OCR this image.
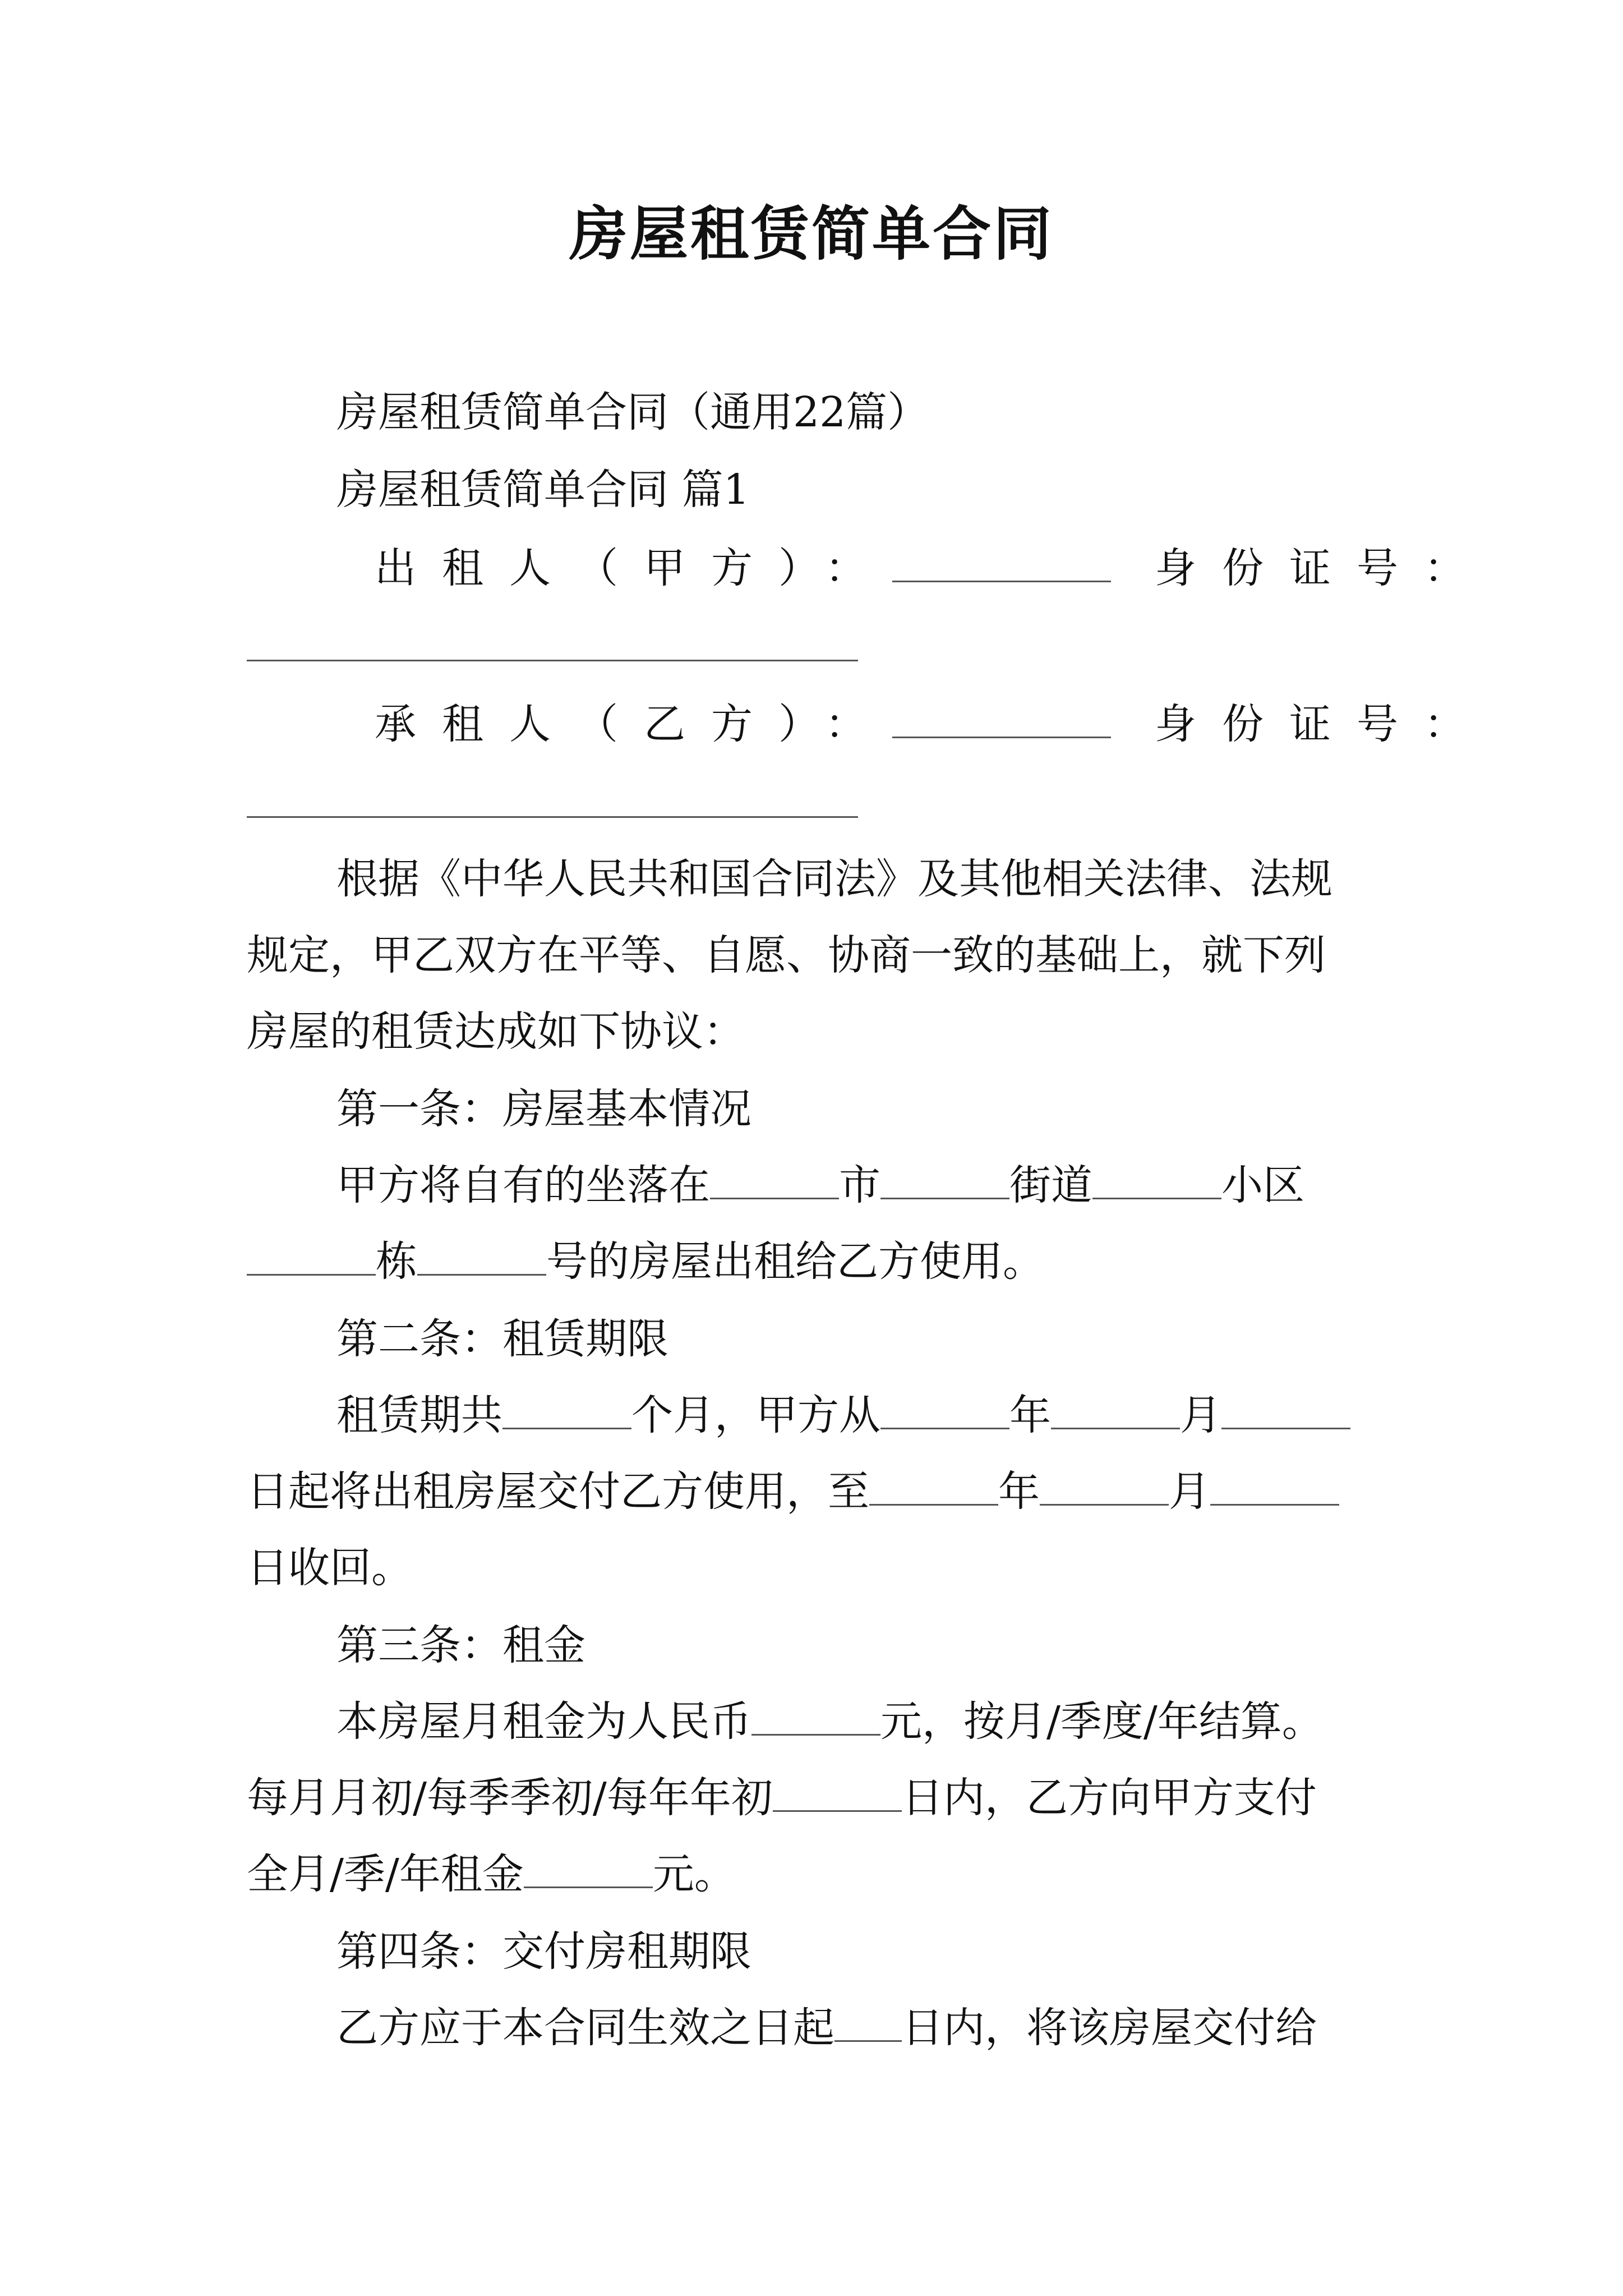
房屋租赁简单合同

房屋租赁简单合同（通用22篇）

房屋租赁简单合同 篇1

出租人（甲方）：	身份证号：

承租人（乙方）：	身份证号：

根据《中华人民共和国合同法》及其他相关法律、法规

规定，甲乙双方在平等、自愿、协商一致的基础上，就下列

房屋的租赁达成如下协议：

第一条：房屋基本情况

甲方将自有的坐落在	市	街道	小区

栋	号的房屋出租给乙方使用。

第二条：租赁期限

租赁期共	个月，甲方从	年	月

日起将出租房屋交付乙方使用，至	年	月

日收回。

第三条：租金

本房屋月租金为人民币	元，按月/季度/年结算。

每月月初/每季季初/每年年初	日内，乙方向甲方支付

全月/季/年租金	元。

第四条：交付房租期限

乙方应于本合同生效之日起 日内，将该房屋交付给
